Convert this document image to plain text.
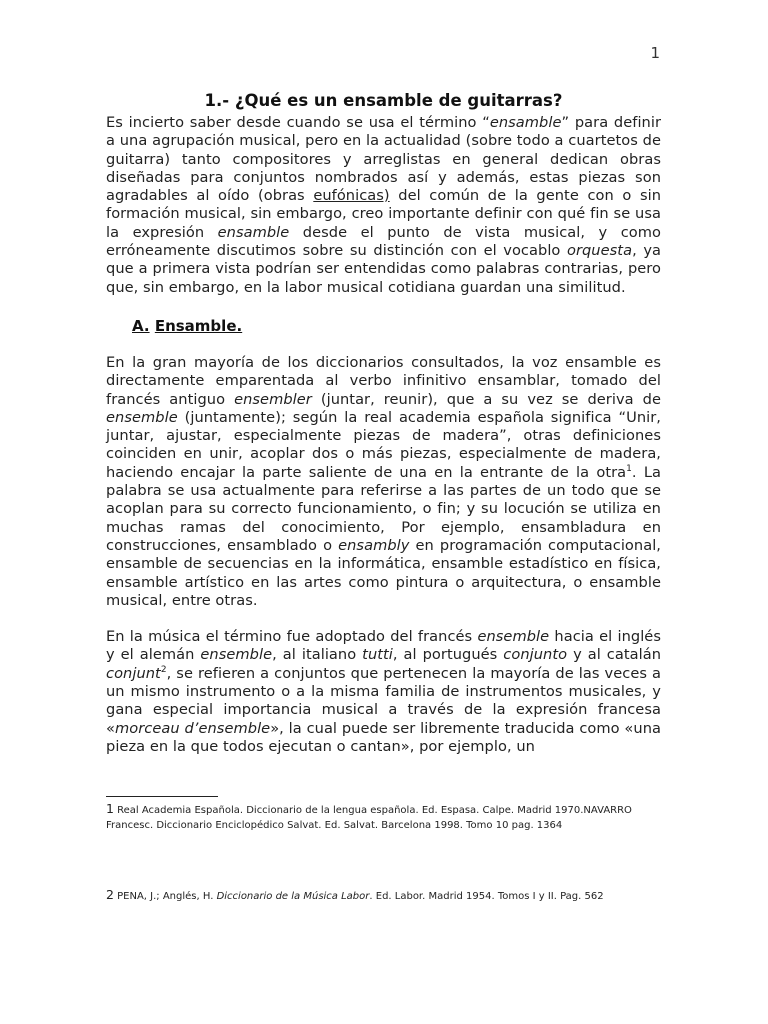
1
1.- ¿Qué es un ensamble de guitarras?

Es incierto saber desde cuando se usa el término “ensamble” para definir a una agrupación musical, pero en la actualidad (sobre todo a cuartetos de guitarra) tanto compositores y arreglistas en general dedican obras diseñadas para conjuntos nombrados así y además, estas piezas son agradables al oído (obras eufónicas) del común de la gente con o sin formación musical, sin embargo, creo importante definir con qué fin se usa la expresión ensamble desde el punto de vista musical, y como erróneamente discutimos sobre su distinción con el vocablo orquesta, ya que a primera vista podrían ser entendidas como palabras contrarias, pero que, sin embargo, en la labor musical cotidiana guardan una similitud.

A. Ensamble.

En la gran mayoría de los diccionarios consultados, la voz ensamble es directamente emparentada al verbo infinitivo ensamblar, tomado del francés antiguo ensembler (juntar, reunir), que a su vez se deriva de ensemble (juntamente); según la real academia española significa “Unir, juntar, ajustar, especialmente piezas de madera”, otras definiciones coinciden en unir, acoplar dos o más piezas, especialmente de madera, haciendo encajar la parte saliente de una en la entrante de la otra$^1$. La palabra se usa actualmente para referirse a las partes de un todo que se acoplan para su correcto funcionamiento, o fin; y su locución se utiliza en muchas ramas del conocimiento, Por ejemplo, ensambladura en construcciones, ensamblado o ensambly en programación computacional, ensamble de secuencias en la informática, ensamble estadístico en física, ensamble artístico en las artes como pintura o arquitectura, o ensamble musical, entre otras.

En la música el término fue adoptado del francés ensemble hacia el inglés y el alemán ensemble, al italiano tutti, al portugués conjunto y al catalán conjunt$^2$, se refieren a conjuntos que pertenecen la mayoría de las veces a un mismo instrumento o a la misma familia de instrumentos musicales, y gana especial importancia musical a través de la expresión francesa «morceau d’ensemble», la cual puede ser libremente traducida como «una pieza en la que todos ejecutan o cantan», por ejemplo, un

1 Real Academia Española. Diccionario de la lengua española. Ed. Espasa. Calpe. Madrid 1970.NAVARRO Francesc. Diccionario Enciclopédico Salvat. Ed. Salvat. Barcelona 1998. Tomo 10 pag. 1364
2 PENA, J.; Anglés, H. Diccionario de la Música Labor. Ed. Labor. Madrid 1954. Tomos I y II. Pag. 562
